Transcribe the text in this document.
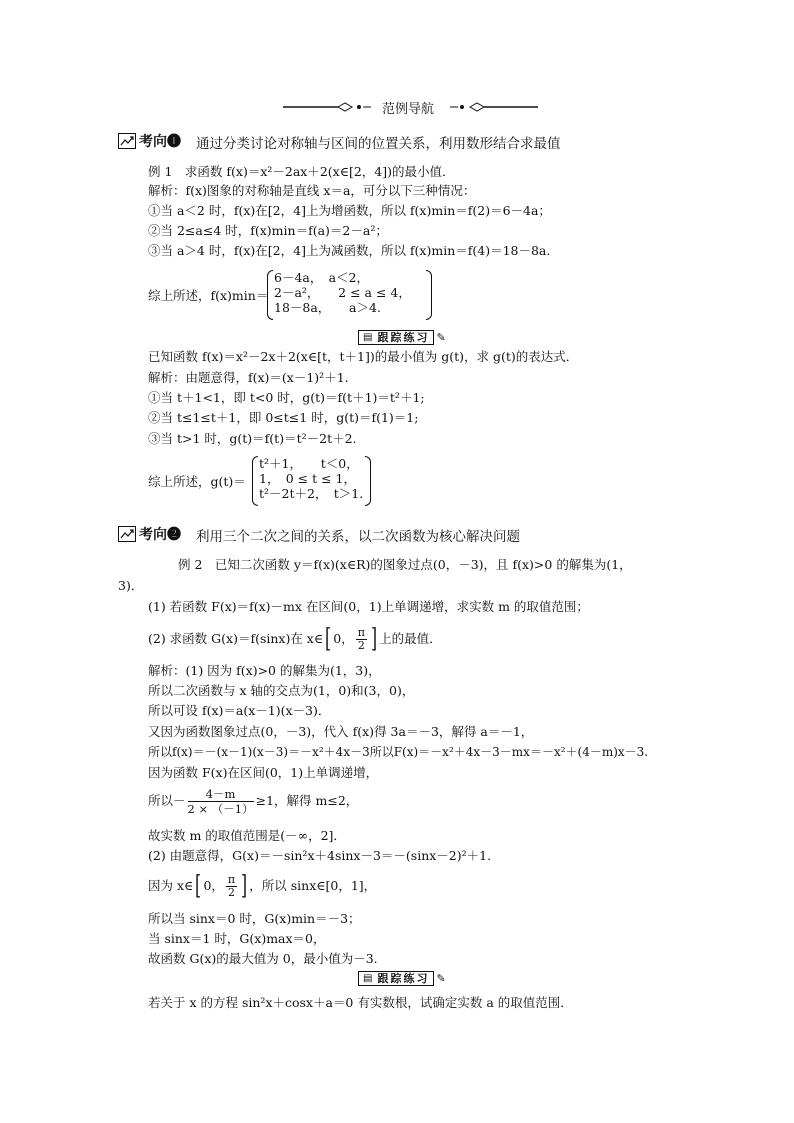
范例导航
考向❶ 通过分类讨论对称轴与区间的位置关系，利用数形结合求最值
例 1　求函数 f(x)＝x²－2ax＋2(x∈[2，4])的最小值．
解析：f(x)图象的对称轴是直线 x＝a，可分以下三种情况：
①当 a＜2 时，f(x)在[2，4]上为增函数，所以 f(x)min＝f(2)＝6－4a；
②当 2≤a≤4 时，f(x)min＝f(a)＝2－a²；
③当 a＞4 时，f(x)在[2，4]上为减函数，所以 f(x)min＝f(4)＝18－8a.
综上所述，f(x)min＝
6－4a，　a＜2，
2－a²，　　2 ≤ a ≤ 4，
18－8a，　　a＞4.
▤ 跟踪练习 ✎
已知函数 f(x)＝x²－2x＋2(x∈[t，t＋1])的最小值为 g(t)，求 g(t)的表达式．
解析：由题意得，f(x)＝(x－1)²＋1.
①当 t＋1<1，即 t<0 时，g(t)＝f(t＋1)＝t²＋1;
②当 t≤1≤t＋1，即 0≤t≤1 时，g(t)＝f(1)＝1;
③当 t>1 时，g(t)＝f(t)＝t²－2t＋2.
综上所述，g(t)＝
t²＋1，　　t＜0，
1，　0 ≤ t ≤ 1，
t²－2t＋2，　t＞1.
考向❷ 利用三个二次之间的关系，以二次函数为核心解决问题
例 2　已知二次函数 y＝f(x)(x∈R)的图象过点(0，－3)，且 f(x)>0 的解集为(1，
3)．
(1) 若函数 F(x)＝f(x)－mx 在区间(0，1)上单调递增，求实数 m 的取值范围；
(2) 求函数 G(x)＝f(sinx)在 x∈ [ 0， $\frac{\pi}{2}$ ] 上的最值．
解析：(1) 因为 f(x)>0 的解集为(1，3)，
所以二次函数与 x 轴的交点为(1，0)和(3，0)，
所以可设 f(x)＝a(x－1)(x－3)．
又因为函数图象过点(0，－3)，代入 f(x)得 3a＝－3，解得 a＝－1，
所以f(x)＝－(x－1)(x－3)＝－x²＋4x－3所以F(x)＝－x²＋4x－3－mx＝－x²＋(4－m)x－3.
因为函数 F(x)在区间(0，1)上单调递增，
所以－ $\frac{4-m}{2 \times (-1)} \ge 1$，解得 m≤2，
故实数 m 的取值范围是(－∞，2]．
(2) 由题意得，G(x)＝－sin²x＋4sinx－3＝－(sinx－2)²＋1.
因为 x∈ [ 0， $\frac{\pi}{2}$ ] ，所以 sinx∈[0，1]，
所以当 sinx＝0 时，G(x)min＝－3；
当 sinx＝1 时，G(x)max＝0，
故函数 G(x)的最大值为 0，最小值为－3.
▤ 跟踪练习 ✎
若关于 x 的方程 sin²x＋cosx＋a＝0 有实数根，试确定实数 a 的取值范围．
